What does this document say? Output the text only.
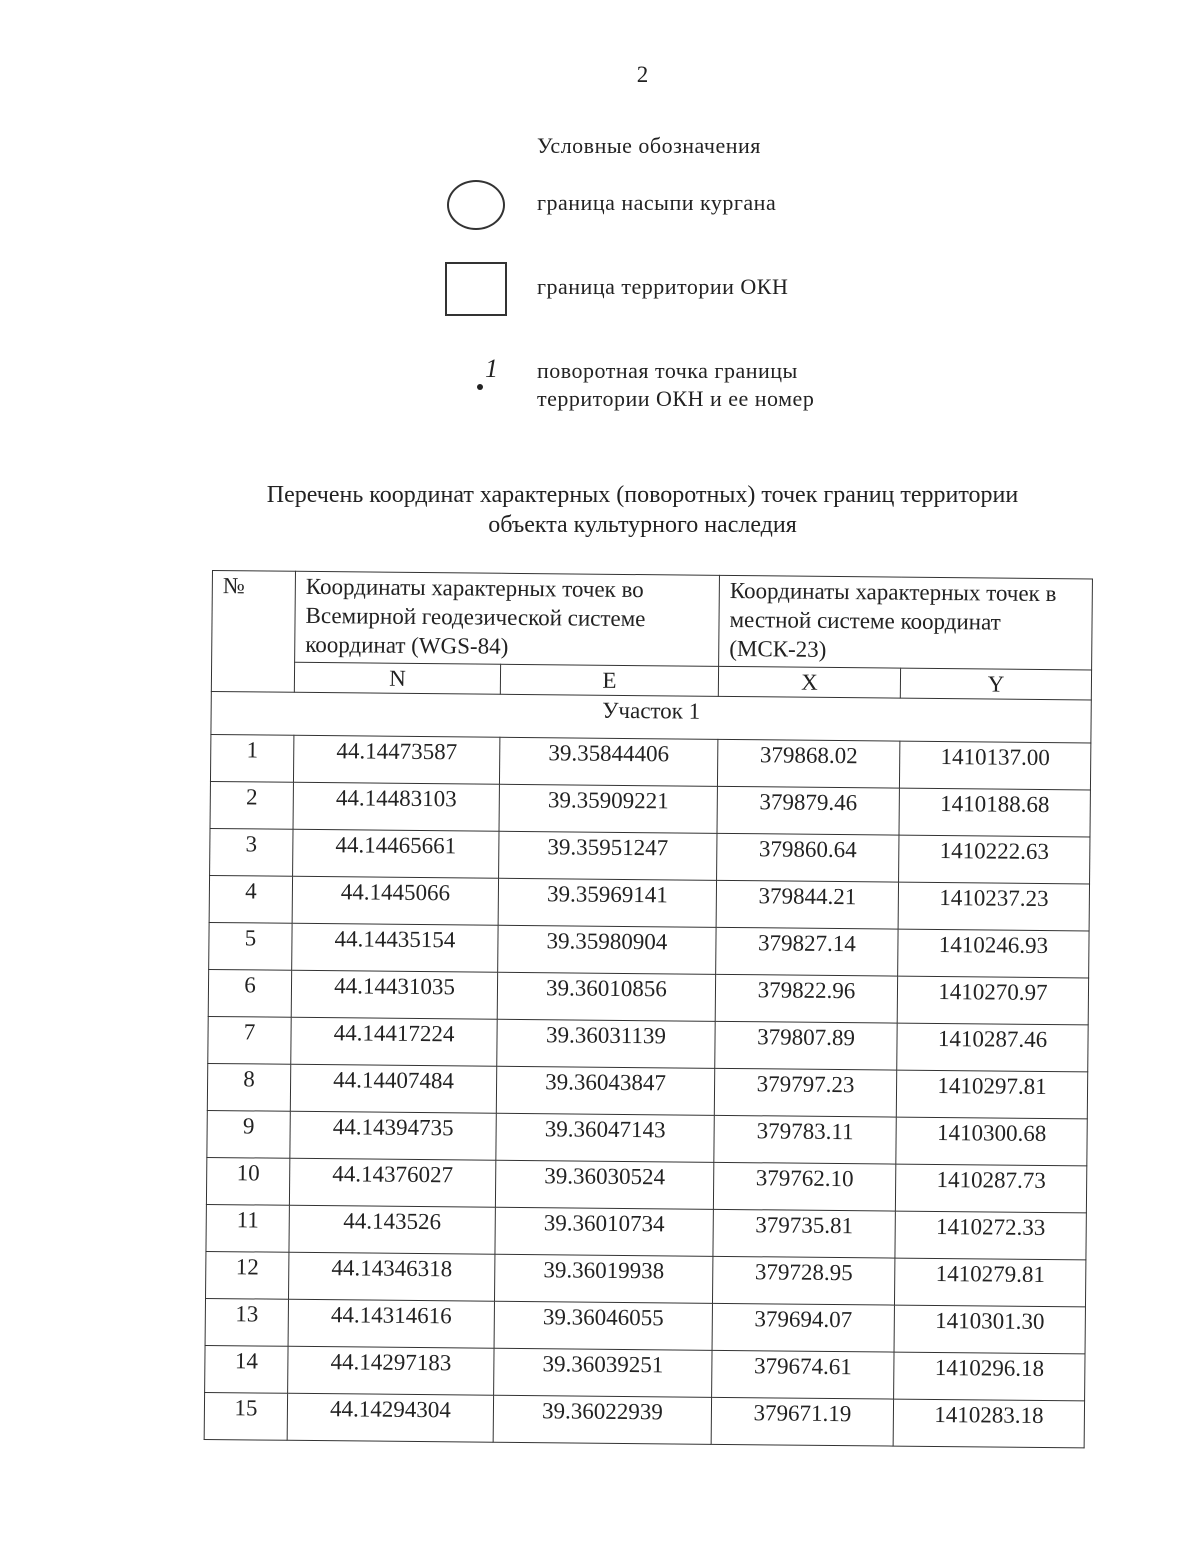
2
Условные обозначения
граница насыпи кургана
граница территории ОКН
1 поворотная точка границы
территории ОКН и ее номер
Перечень координат характерных (поворотных) точек границ территории
объекта культурного наследия
№	Координаты характерных точек во Всемирной геодезической системе координат (WGS-84)		Координаты характерных точек в местной системе координат (МСК-23)	
	N	E	X	Y
Участок 1				
1	44.14473587	39.35844406	379868.02	1410137.00
2	44.14483103	39.35909221	379879.46	1410188.68
3	44.14465661	39.35951247	379860.64	1410222.63
4	44.1445066	39.35969141	379844.21	1410237.23
5	44.14435154	39.35980904	379827.14	1410246.93
6	44.14431035	39.36010856	379822.96	1410270.97
7	44.14417224	39.36031139	379807.89	1410287.46
8	44.14407484	39.36043847	379797.23	1410297.81
9	44.14394735	39.36047143	379783.11	1410300.68
10	44.14376027	39.36030524	379762.10	1410287.73
11	44.143526	39.36010734	379735.81	1410272.33
12	44.14346318	39.36019938	379728.95	1410279.81
13	44.14314616	39.36046055	379694.07	1410301.30
14	44.14297183	39.36039251	379674.61	1410296.18
15	44.14294304	39.36022939	379671.19	1410283.18
